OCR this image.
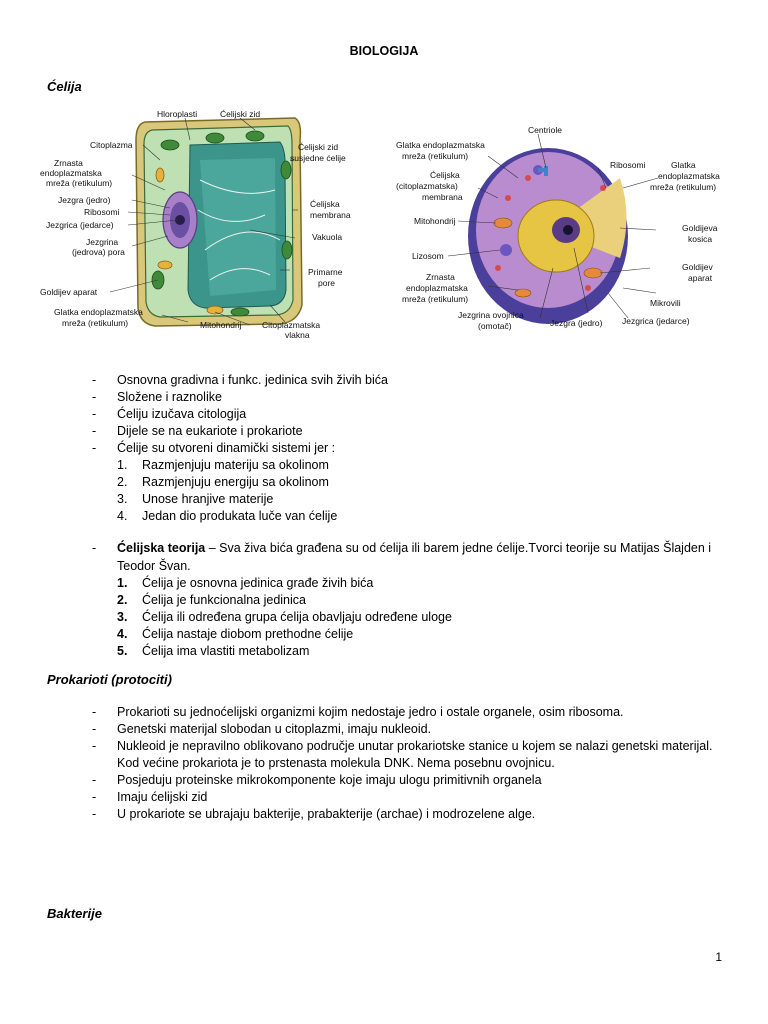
BIOLOGIJA
Ćelija
Hloroplasti	Ćelijski zid
Citoplazma
Zrnasta
endoplazmatska
mreža (retikulum)
Jezgra (jedro)
Ribosomi
Jezgrica (jedarce)
Jezgrina
(jedrova) pora
Goldijev aparat
Glatka endoplazmatska
mreža (retikulum)	Mitohondrij Citoplazmatska
vlakna
Primarne
pore
Vakuola
Ćelijska
membrana
Ćelijski zid
susjedne ćelije
Centriole
Glatka endoplazmatska
mreža (retikulum)
Ćelijska
(citoplazmatska)
membrana
Ribosomi	Glatka
endoplazmatska
mreža (retikulum)
Mitohondrij
Goldijeva
kosica
Lizosom
Goldijev
aparat
Zrnasta
endoplazmatska
mreža (retikulum)	Mikrovili
Jezgrina ovojnica
(omotač)	Jezgra (jedro) Jezgrica (jedarce)
- Osnovna gradivna i funkc. jedinica svih živih bića
- Složene i raznolike
- Ćeliju izučava citologija
- Dijele se na eukariote i prokariote
- Ćelije su otvoreni dinamički sistemi jer :
1.	Razmjenjuju materiju sa okolinom
2.	Razmjenjuju energiju sa okolinom
3.	Unose hranjive materije
4.	Jedan dio produkata luče van ćelije
- Ćelijska teorija – Sva živa bića građena su od ćelija ili barem jedne ćelije.Tvorci teorije su Matijas Šlajden i Teodor Švan.
1.	Ćelija je osnovna jedinica građe živih bića
2.	Ćelija je funkcionalna jedinica
3.	Ćelija ili određena grupa ćelija obavljaju određene uloge
4.	Ćelija nastaje diobom prethodne ćelije
5.	Ćelija ima vlastiti metabolizam
Prokarioti (protociti)
- Prokarioti su jednoćelijski organizmi kojim nedostaje jedro i ostale organele, osim ribosoma.
- Genetski materijal slobodan u citoplazmi, imaju nukleoid.
- Nukleoid je nepravilno oblikovano područje unutar prokariotske stanice u kojem se nalazi genetski materijal. Kod većine prokariota je to prstenasta molekula DNK. Nema posebnu ovojnicu.
- Posjeduju proteinske mikrokomponente koje imaju ulogu primitivnih organela
- Imaju ćelijski zid
- U prokariote se ubrajaju bakterije, prabakterije (archae) i modrozelene alge.
Bakterije
1
